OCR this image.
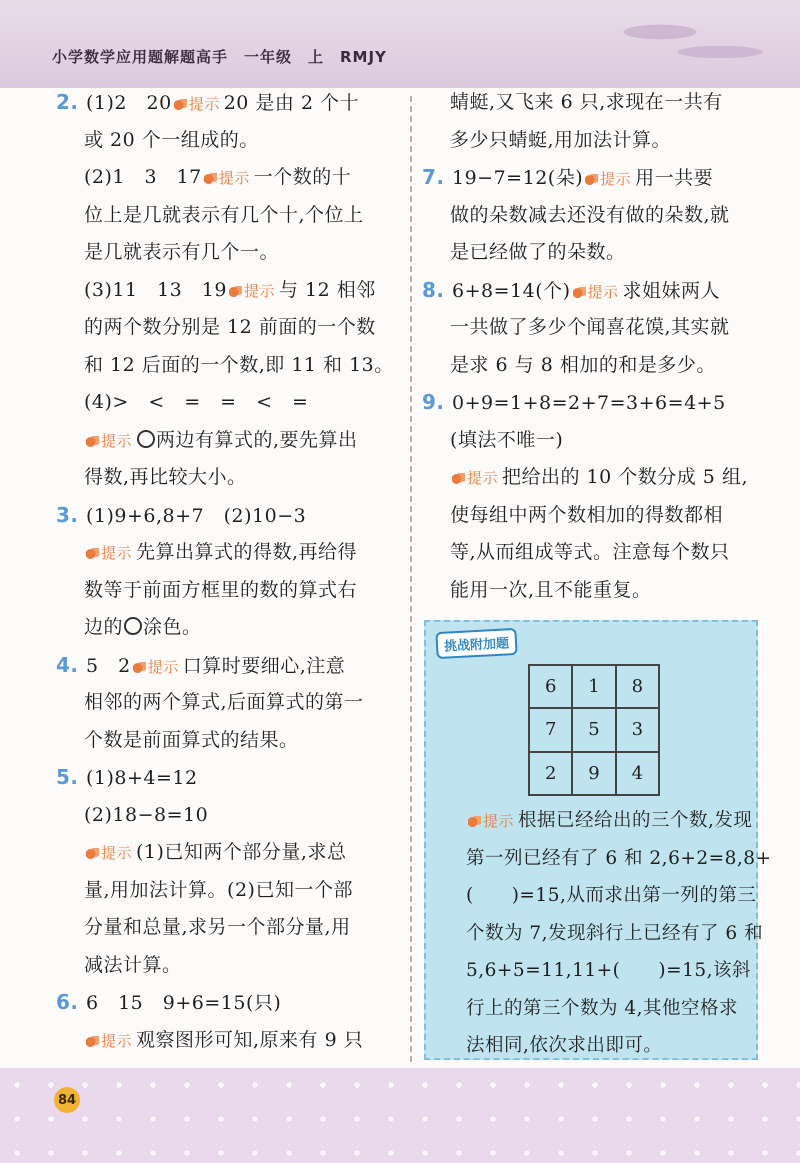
小学数学应用题解题高手　一年级　上　RMJY
2. (1)2　20 提示 20 是由 2 个十
或 20 个一组成的。
(2)1　3　17 提示 一个数的十
位上是几就表示有几个十,个位上
是几就表示有几个一。
(3)11　13　19 提示 与 12 相邻
的两个数分别是 12 前面的一个数
和 12 后面的一个数,即 11 和 13。
(4)>　<　=　=　<　=
提示 两边有算式的,要先算出
得数,再比较大小。
3. (1)9+6,8+7　(2)10−3
提示 先算出算式的得数,再给得
数等于前面方框里的数的算式右
边的 涂色。
4. 5　2 提示 口算时要细心,注意
相邻的两个算式,后面算式的第一
个数是前面算式的结果。
5. (1)8+4=12
(2)18−8=10
提示 (1)已知两个部分量,求总
量,用加法计算。(2)已知一个部
分量和总量,求另一个部分量,用
减法计算。
6. 6　15　9+6=15(只)
提示 观察图形可知,原来有 9 只
蜻蜓,又飞来 6 只,求现在一共有
多少只蜻蜓,用加法计算。
7. 19−7=12(朵) 提示 用一共要
做的朵数减去还没有做的朵数,就
是已经做了的朵数。
8. 6+8=14(个) 提示 求姐妹两人
一共做了多少个闻喜花馍,其实就
是求 6 与 8 相加的和是多少。
9. 0+9=1+8=2+7=3+6=4+5
(填法不唯一)
提示 把给出的 10 个数分成 5 组,
使每组中两个数相加的得数都相
等,从而组成等式。注意每个数只
能用一次,且不能重复。
挑战附加题
6	1	8
7	5	3
2	9	4
提示 根据已经给出的三个数,发现
第一列已经有了 6 和 2,6+2=8,8+
(　　)=15,从而求出第一列的第三
个数为 7,发现斜行上已经有了 6 和
5,6+5=11,11+(　　)=15,该斜
行上的第三个数为 4,其他空格求
法相同,依次求出即可。
84
